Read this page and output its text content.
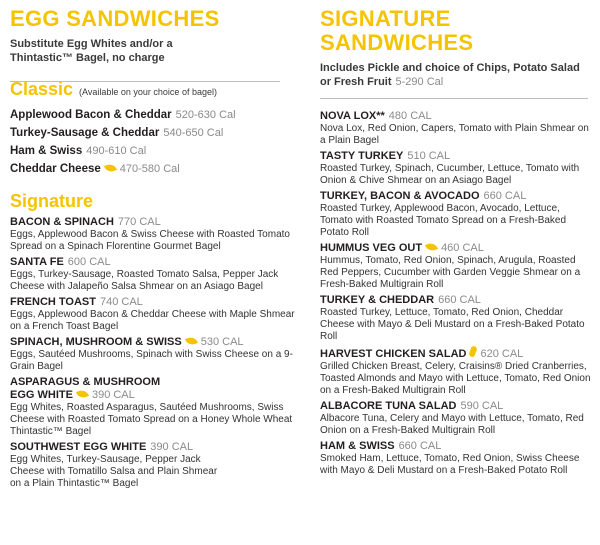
EGG SANDWICHES
Substitute Egg Whites and/or a Thintastic™ Bagel, no charge
Classic (Available on your choice of bagel)
Applewood Bacon & Cheddar 520-630 Cal
Turkey-Sausage & Cheddar 540-650 Cal
Ham & Swiss 490-610 Cal
Cheddar Cheese 470-580 Cal
Signature
BACON & SPINACH 770 CAL
Eggs, Applewood Bacon & Swiss Cheese with Roasted Tomato Spread on a Spinach Florentine Gourmet Bagel
SANTA FE 600 CAL
Eggs, Turkey-Sausage, Roasted Tomato Salsa, Pepper Jack Cheese with Jalapeño Salsa Shmear on an Asiago Bagel
FRENCH TOAST 740 CAL
Eggs, Applewood Bacon & Cheddar Cheese with Maple Shmear on a French Toast Bagel
SPINACH, MUSHROOM & SWISS 530 CAL
Eggs, Sautéed Mushrooms, Spinach with Swiss Cheese on a 9-Grain Bagel
ASPARAGUS & MUSHROOM
EGG WHITE 390 CAL
Egg Whites, Roasted Asparagus, Sautéed Mushrooms, Swiss Cheese with Roasted Tomato Spread on a Honey Whole Wheat Thintastic™ Bagel
SOUTHWEST EGG WHITE 390 CAL
Egg Whites, Turkey-Sausage, Pepper Jack Cheese with Tomatillo Salsa and Plain Shmear on a Plain Thintastic™ Bagel
SIGNATURE
SANDWICHES
Includes Pickle and choice of Chips, Potato Salad or Fresh Fruit 5-290 Cal
NOVA LOX** 480 CAL
Nova Lox, Red Onion, Capers, Tomato with Plain Shmear on a Plain Bagel
TASTY TURKEY 510 CAL
Roasted Turkey, Spinach, Cucumber, Lettuce, Tomato with Onion & Chive Shmear on an Asiago Bagel
TURKEY, BACON & AVOCADO 660 CAL
Roasted Turkey, Applewood Bacon, Avocado, Lettuce, Tomato with Roasted Tomato Spread on a Fresh-Baked Potato Roll
HUMMUS VEG OUT 460 CAL
Hummus, Tomato, Red Onion, Spinach, Arugula, Roasted Red Peppers, Cucumber with Garden Veggie Shmear on a Fresh-Baked Multigrain Roll
TURKEY & CHEDDAR 660 CAL
Roasted Turkey, Lettuce, Tomato, Red Onion, Cheddar Cheese with Mayo & Deli Mustard on a Fresh-Baked Potato Roll
HARVEST CHICKEN SALAD 620 CAL
Grilled Chicken Breast, Celery, Craisins® Dried Cranberries, Toasted Almonds and Mayo with Lettuce, Tomato, Red Onion on a Fresh-Baked Multigrain Roll
ALBACORE TUNA SALAD 590 CAL
Albacore Tuna, Celery and Mayo with Lettuce, Tomato, Red Onion on a Fresh-Baked Multigrain Roll
HAM & SWISS 660 CAL
Smoked Ham, Lettuce, Tomato, Red Onion, Swiss Cheese with Mayo & Deli Mustard on a Fresh-Baked Potato Roll
